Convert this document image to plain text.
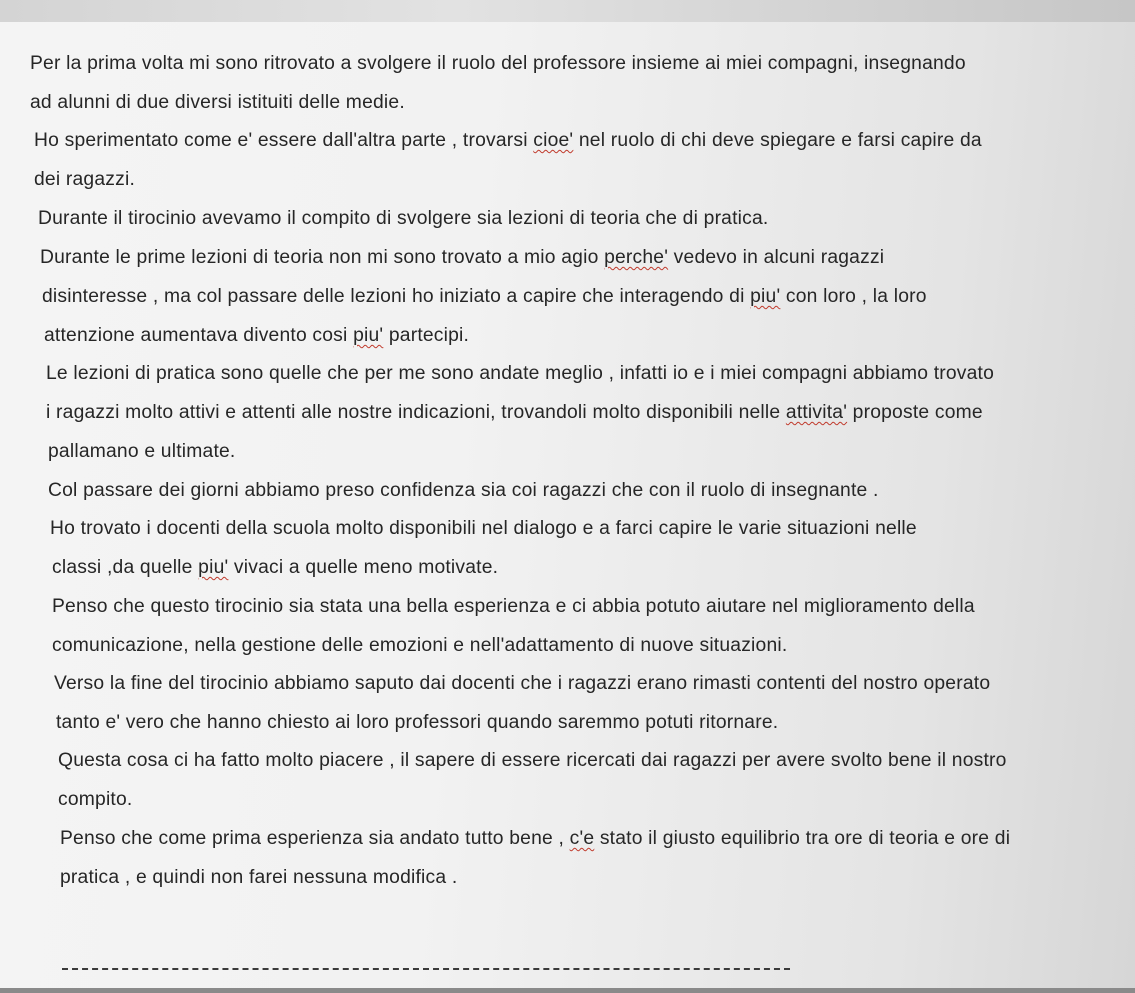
Per la prima volta mi sono ritrovato a svolgere il ruolo del professore insieme ai miei compagni, insegnando

ad alunni di due diversi istituiti delle medie.

Ho sperimentato come e' essere dall'altra parte , trovarsi cioe' nel ruolo di chi deve spiegare e farsi capire da

dei ragazzi.

Durante il tirocinio avevamo il compito di svolgere sia lezioni di teoria che di pratica.

Durante le prime lezioni di teoria non mi sono trovato a mio agio perche' vedevo in alcuni ragazzi

disinteresse , ma col passare delle lezioni ho iniziato a capire che interagendo di piu' con loro , la loro

attenzione aumentava divento cosi piu' partecipi.

Le lezioni di pratica sono quelle che per me sono andate meglio , infatti io e i miei compagni abbiamo trovato

i ragazzi molto attivi e attenti alle nostre indicazioni, trovandoli molto disponibili nelle attivita' proposte come

pallamano e ultimate.

Col passare dei giorni abbiamo preso confidenza sia coi ragazzi che con il ruolo di insegnante .

Ho trovato i docenti della scuola molto disponibili nel dialogo e a farci capire le varie situazioni nelle

classi ,da quelle piu' vivaci a quelle meno motivate.

Penso che questo tirocinio sia stata una bella esperienza e ci abbia potuto aiutare nel miglioramento della

comunicazione, nella gestione delle emozioni e nell'adattamento di nuove situazioni.

Verso la fine del tirocinio abbiamo saputo dai docenti che i ragazzi erano rimasti contenti del nostro operato

tanto e' vero che hanno chiesto ai loro professori quando saremmo potuti ritornare.

Questa cosa ci ha fatto molto piacere , il sapere di essere ricercati dai ragazzi per avere svolto bene il nostro

compito.

Penso che come prima esperienza sia andato tutto bene , c'e stato il giusto equilibrio tra ore di teoria e ore di

pratica , e quindi non farei nessuna modifica .
